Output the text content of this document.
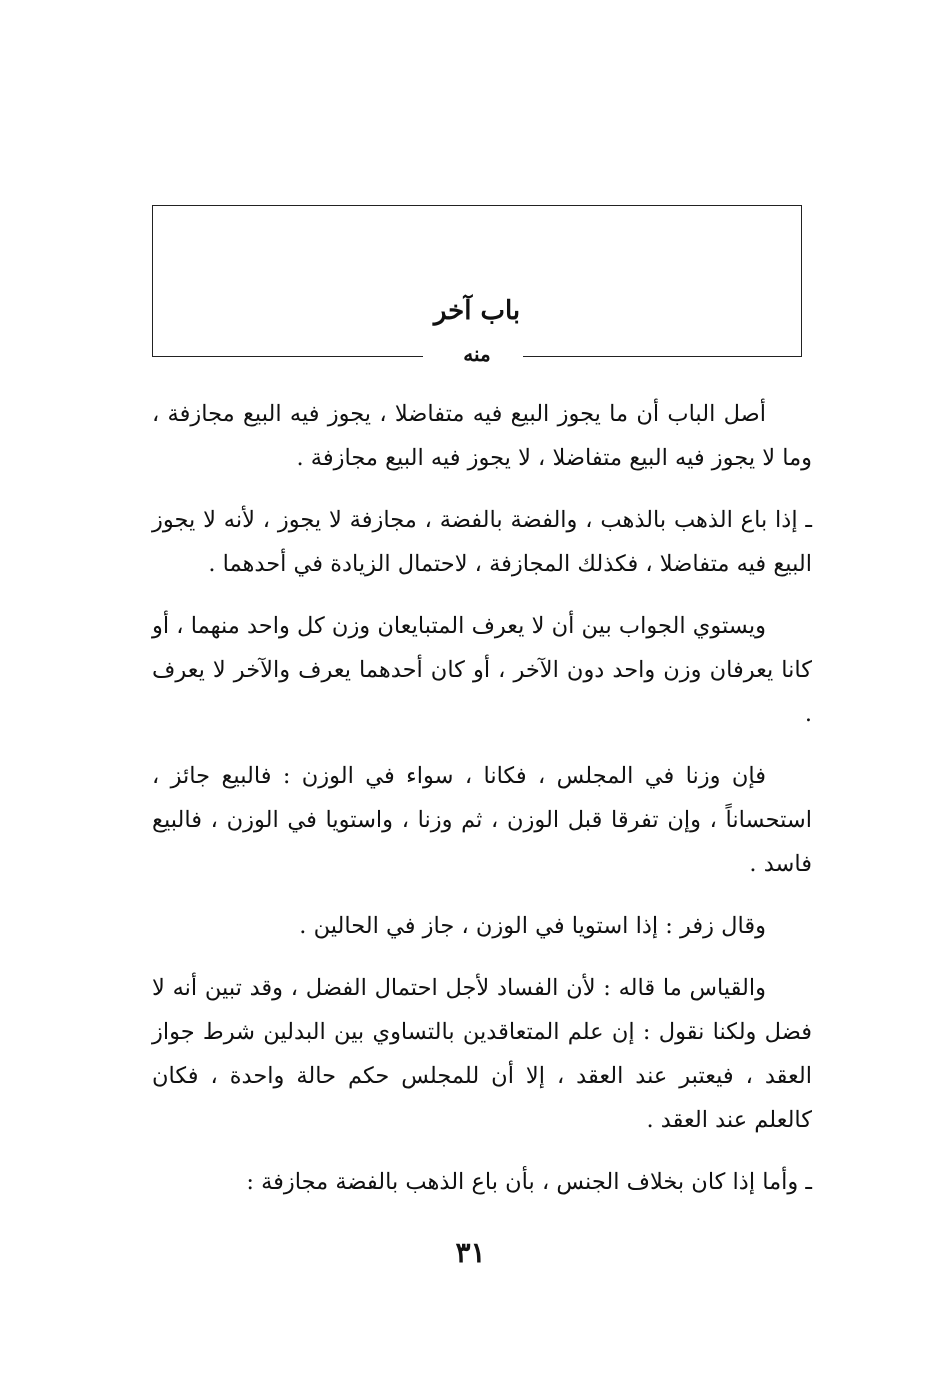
باب آخر
منه

أصل الباب أن ما يجوز البيع فيه متفاضلا ، يجوز فيه البيع مجازفة ، وما لا يجوز فيه البيع متفاضلا ، لا يجوز فيه البيع مجازفة .

ـ إذا باع الذهب بالذهب ، والفضة بالفضة ، مجازفة لا يجوز ، لأنه لا يجوز البيع فيه متفاضلا ، فكذلك المجازفة ، لاحتمال الزيادة في أحدهما .

ويستوي الجواب بين أن لا يعرف المتبايعان وزن كل واحد منهما ، أو كانا يعرفان وزن واحد دون الآخر ، أو كان أحدهما يعرف والآخر لا يعرف .

فإن وزنا في المجلس ، فكانا ، سواء في الوزن : فالبيع جائز ، استحساناً ، وإن تفرقا قبل الوزن ، ثم وزنا ، واستويا في الوزن ، فالبيع فاسد .

وقال زفر : إذا استويا في الوزن ، جاز في الحالين .

والقياس ما قاله : لأن الفساد لأجل احتمال الفضل ، وقد تبين أنه لا فضل ولكنا نقول : إن علم المتعاقدين بالتساوي بين البدلين شرط جواز العقد ، فيعتبر عند العقد ، إلا أن للمجلس حكم حالة واحدة ، فكان كالعلم عند العقد .

ـ وأما إذا كان بخلاف الجنس ، بأن باع الذهب بالفضة مجازفة :

٣١
